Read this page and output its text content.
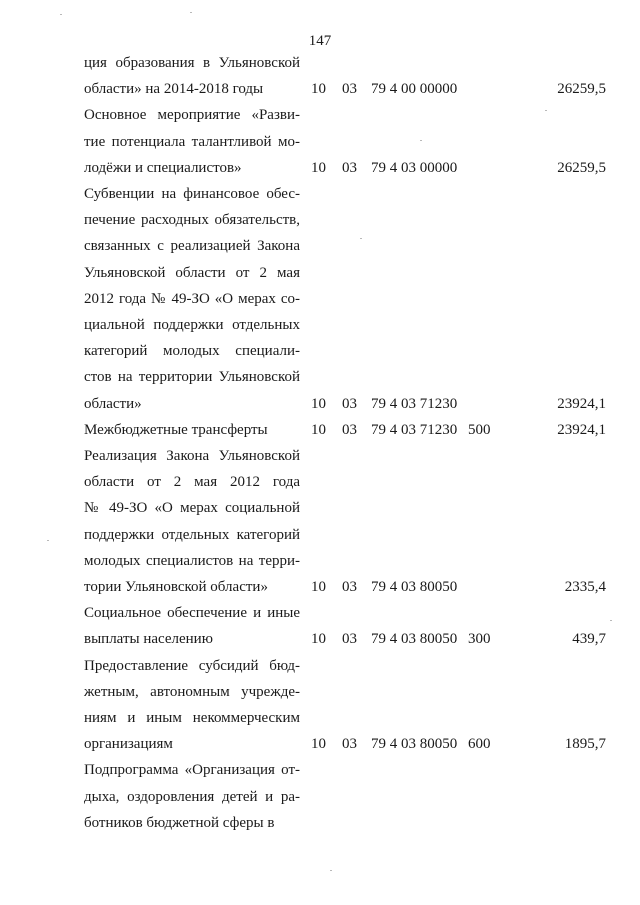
147
ция образования в Ульяновской
области» на 2014-2018 годы	10 03 79 4 00 00000	26259,5
Основное мероприятие «Разви-
тие потенциала талантливой мо-
лодёжи и специалистов»	10 03 79 4 03 00000	26259,5
Субвенции на финансовое обес-
печение расходных обязательств,
связанных с реализацией Закона
Ульяновской области от 2 мая
2012 года № 49-ЗО «О мерах со-
циальной поддержки отдельных
категорий молодых специали-
стов на территории Ульяновской
области»	10 03 79 4 03 71230	23924,1
Межбюджетные трансферты	10 03 79 4 03 71230 500	23924,1
Реализация Закона Ульяновской
области от 2 мая 2012 года
№ 49-ЗО «О мерах социальной
поддержки отдельных категорий
молодых специалистов на терри-
тории Ульяновской области»	10 03 79 4 03 80050	2335,4
Социальное обеспечение и иные
выплаты населению	10 03 79 4 03 80050 300	439,7
Предоставление субсидий бюд-
жетным, автономным учрежде-
ниям и иным некоммерческим
организациям	10 03 79 4 03 80050 600	1895,7
Подпрограмма «Организация от-
дыха, оздоровления детей и ра-
ботников бюджетной сферы в
